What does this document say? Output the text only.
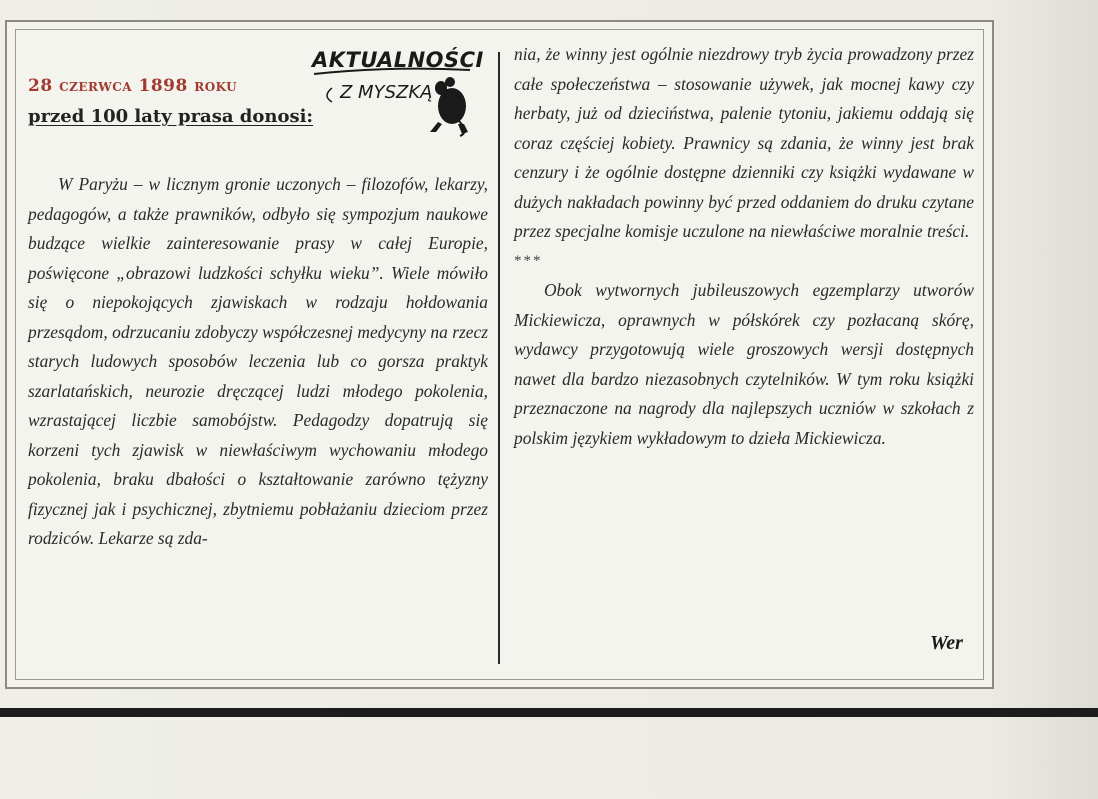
28 czerwca 1898 roku
przed 100 laty prasa donosi:
AKTUALNOŚCI
Z MYSZKĄ

W Paryżu – w licznym gronie uczonych – filozofów, lekarzy, pedagogów, a także prawników, odbyło się sympozjum naukowe budzące wielkie zainteresowanie prasy w całej Europie, poświęcone „obrazowi ludzkości schyłku wieku”. Wiele mówiło się o niepokojących zjawiskach w rodzaju hołdowania przesądom, odrzucaniu zdobyczy współczesnej medycyny na rzecz starych ludowych sposobów leczenia lub co gorsza praktyk szarlatańskich, neurozie dręczącej ludzi młodego pokolenia, wzrastającej liczbie samobójstw. Pedagodzy dopatrują się korzeni tych zjawisk w niewłaściwym wychowaniu młodego pokolenia, braku dbałości o kształtowanie zarówno tężyzny fizycznej jak i psychicznej, zbytniemu pobłażaniu dzieciom przez rodziców. Lekarze są zda-

nia, że winny jest ogólnie niezdrowy tryb życia prowadzony przez całe społeczeństwa – stosowanie używek, jak mocnej kawy czy herbaty, już od dzieciństwa, palenie tytoniu, jakiemu oddają się coraz częściej kobiety. Prawnicy są zdania, że winny jest brak cenzury i że ogólnie dostępne dzienniki czy książki wydawane w dużych nakładach powinny być przed oddaniem do druku czytane przez specjalne komisje uczulone na niewłaściwe moralnie treści.

***

Obok wytwornych jubileuszowych egzemplarzy utworów Mickiewicza, oprawnych w półskórek czy pozłacaną skórę, wydawcy przygotowują wiele groszowych wersji dostępnych nawet dla bardzo niezasobnych czytelników. W tym roku książki przeznaczone na nagrody dla najlepszych uczniów w szkołach z polskim językiem wykładowym to dzieła Mickiewicza.

Wer
